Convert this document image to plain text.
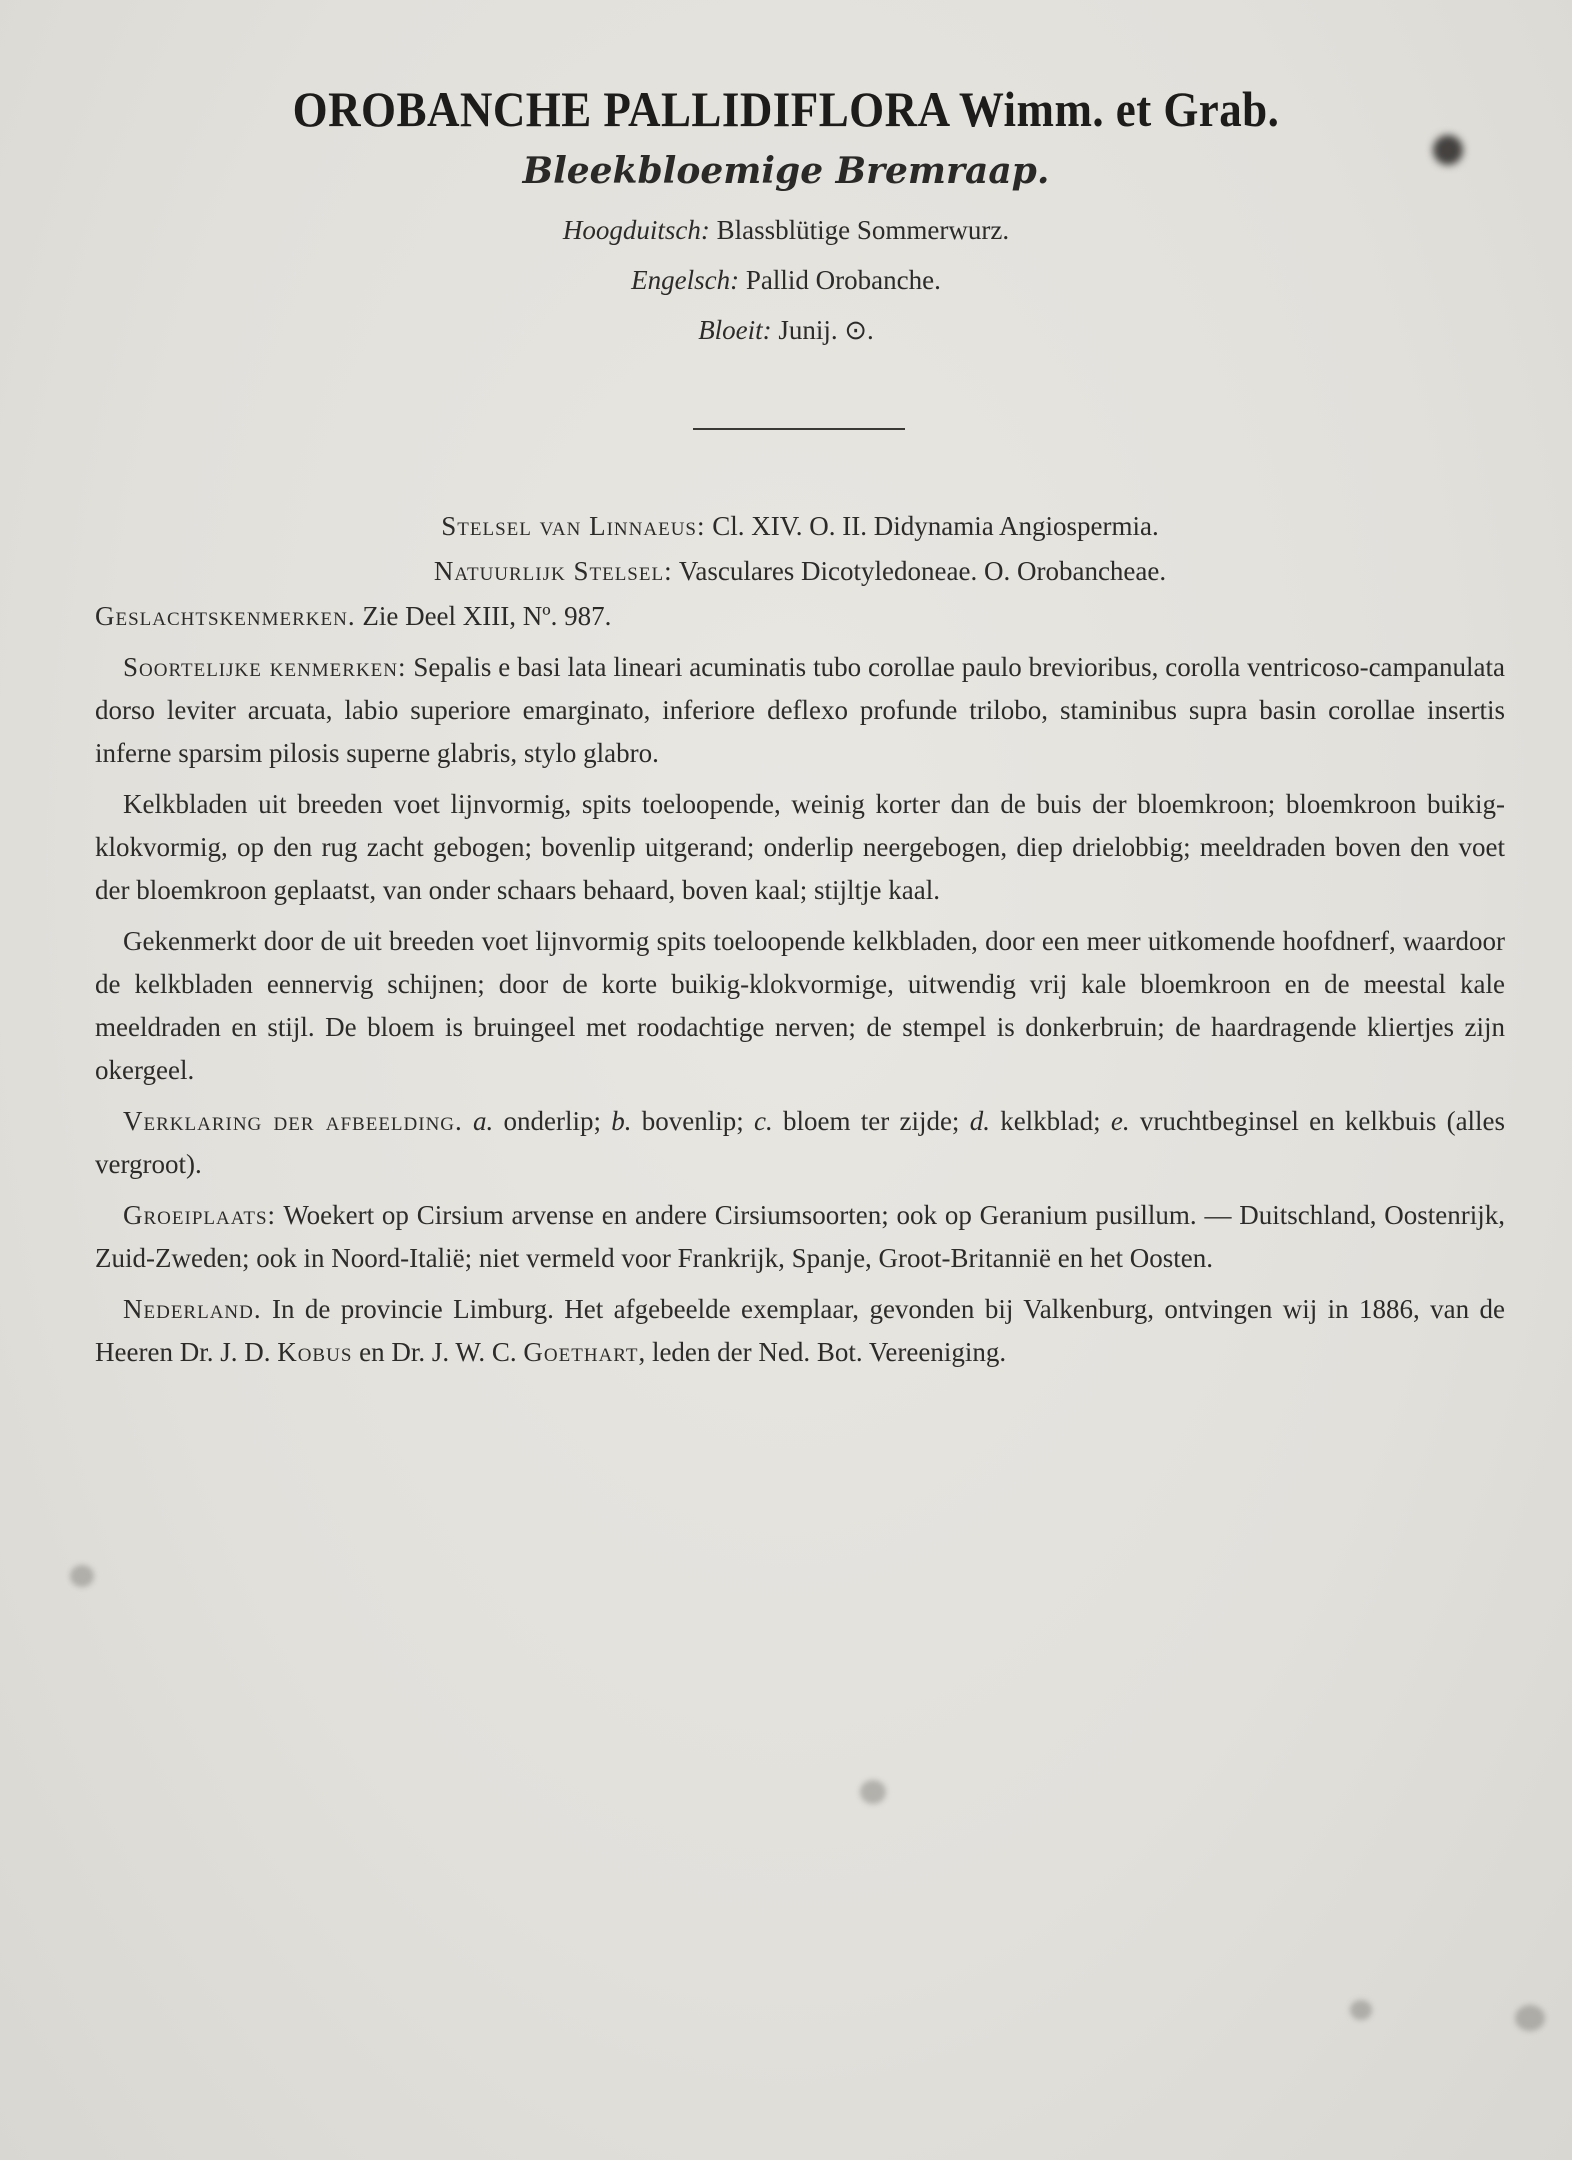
OROBANCHE PALLIDIFLORA Wimm. et Grab.
Bleekbloemige Bremraap.
Hoogduitsch: Blassblütige Sommerwurz.
Engelsch: Pallid Orobanche.
Bloeit: Junij. ⊙.

Stelsel van Linnaeus: Cl. XIV. O. II. Didynamia Angiospermia.

Natuurlijk Stelsel: Vasculares Dicotyledoneae. O. Orobancheae.

Geslachtskenmerken. Zie Deel XIII, Nº. 987.

Soortelijke kenmerken: Sepalis e basi lata lineari acuminatis tubo corollae paulo brevioribus, corolla ventricoso-campanulata dorso leviter arcuata, labio superiore emarginato, inferiore deflexo profunde trilobo, staminibus supra basin corollae insertis inferne sparsim pilosis superne glabris, stylo glabro.

Kelkbladen uit breeden voet lijnvormig, spits toeloopende, weinig korter dan de buis der bloemkroon; bloemkroon buikig-klokvormig, op den rug zacht gebogen; bovenlip uitgerand; onderlip neergebogen, diep drielobbig; meeldraden boven den voet der bloemkroon geplaatst, van onder schaars behaard, boven kaal; stijltje kaal.

Gekenmerkt door de uit breeden voet lijnvormig spits toeloopende kelkbladen, door een meer uitkomende hoofdnerf, waardoor de kelkbladen eennervig schijnen; door de korte buikig-klokvormige, uitwendig vrij kale bloemkroon en de meestal kale meeldraden en stijl. De bloem is bruingeel met roodachtige nerven; de stempel is donkerbruin; de haardragende kliertjes zijn okergeel.

Verklaring der afbeelding. a. onderlip; b. bovenlip; c. bloem ter zijde; d. kelkblad; e. vruchtbeginsel en kelkbuis (alles vergroot).

Groeiplaats: Woekert op Cirsium arvense en andere Cirsiumsoorten; ook op Geranium pusillum. — Duitschland, Oostenrijk, Zuid-Zweden; ook in Noord-Italië; niet vermeld voor Frankrijk, Spanje, Groot-Britannië en het Oosten.

Nederland. In de provincie Limburg. Het afgebeelde exemplaar, gevonden bij Valkenburg, ontvingen wij in 1886, van de Heeren Dr. J. D. Kobus en Dr. J. W. C. Goethart, leden der Ned. Bot. Vereeniging.
